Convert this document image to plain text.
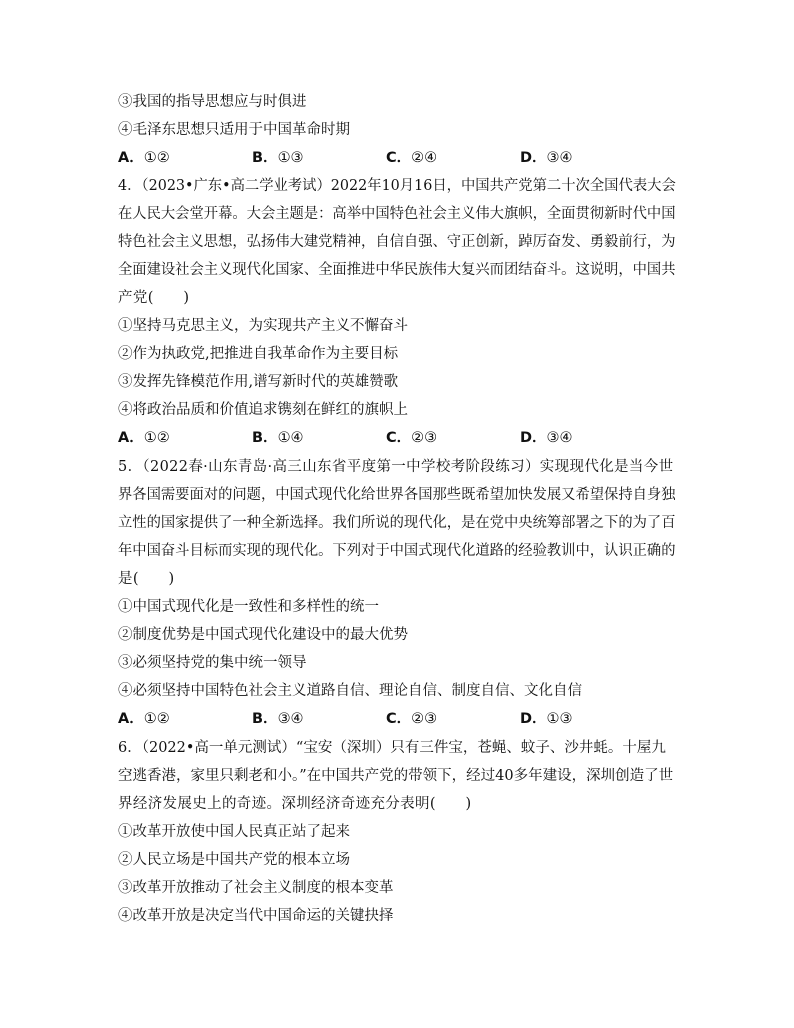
③我国的指导思想应与时俱进
④毛泽东思想只适用于中国革命时期
A．①②	B．①③	C．②④	D．③④
4．（2023•广东•高二学业考试）2022年10月16日，中国共产党第二十次全国代表大会
在人民大会堂开幕。大会主题是：高举中国特色社会主义伟大旗帜，全面贯彻新时代中国
特色社会主义思想，弘扬伟大建党精神，自信自强、守正创新，踔厉奋发、勇毅前行，为
全面建设社会主义现代化国家、全面推进中华民族伟大复兴而团结奋斗。这说明，中国共
产党(　　)
①坚持马克思主义，为实现共产主义不懈奋斗
②作为执政党,把推进自我革命作为主要目标
③发挥先锋模范作用,谱写新时代的英雄赞歌
④将政治品质和价值追求镌刻在鲜红的旗帜上
A．①②	B．①④	C．②③	D．③④
5．（2022春·山东青岛·高三山东省平度第一中学校考阶段练习）实现现代化是当今世
界各国需要面对的问题，中国式现代化给世界各国那些既希望加快发展又希望保持自身独
立性的国家提供了一种全新选择。我们所说的现代化，是在党中央统筹部署之下的为了百
年中国奋斗目标而实现的现代化。下列对于中国式现代化道路的经验教训中，认识正确的
是(　　)
①中国式现代化是一致性和多样性的统一
②制度优势是中国式现代化建设中的最大优势
③必须坚持党的集中统一领导
④必须坚持中国特色社会主义道路自信、理论自信、制度自信、文化自信
A．①②	B．③④	C．②③	D．①③
6．（2022•高一单元测试）“宝安（深圳）只有三件宝，苍蝇、蚊子、沙井蚝。十屋九
空逃香港，家里只剩老和小。”在中国共产党的带领下，经过40多年建设，深圳创造了世
界经济发展史上的奇迹。深圳经济奇迹充分表明(　　)
①改革开放使中国人民真正站了起来
②人民立场是中国共产党的根本立场
③改革开放推动了社会主义制度的根本变革
④改革开放是决定当代中国命运的关键抉择
